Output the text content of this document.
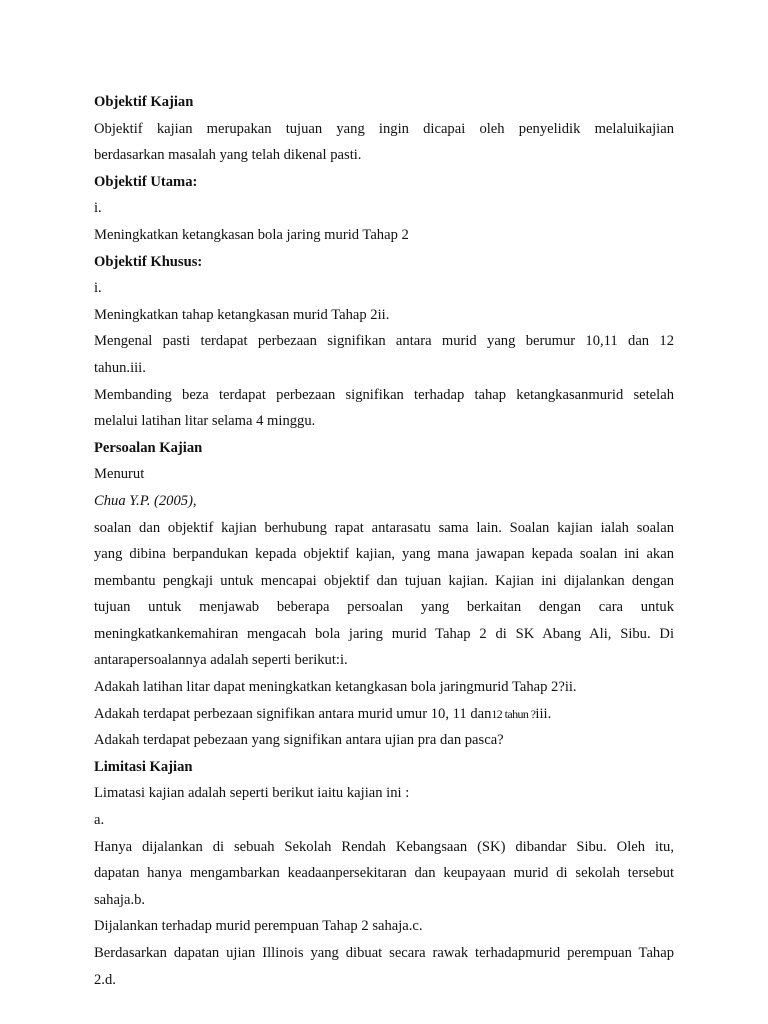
Objektif Kajian
Objektif kajian merupakan tujuan yang ingin dicapai oleh penyelidik melaluikajian
berdasarkan masalah yang telah dikenal pasti.
Objektif Utama:
i.
Meningkatkan ketangkasan bola jaring murid Tahap 2
Objektif Khusus:
i.
Meningkatkan tahap ketangkasan murid Tahap 2ii.
Mengenal pasti terdapat perbezaan signifikan antara murid yang berumur 10,11 dan 12
tahun.iii.
Membanding beza terdapat perbezaan signifikan terhadap tahap ketangkasanmurid setelah
melalui latihan litar selama 4 minggu.
Persoalan Kajian
Menurut
Chua Y.P. (2005),
soalan dan objektif kajian berhubung rapat antarasatu sama lain. Soalan kajian ialah soalan
yang dibina berpandukan kepada objektif kajian, yang mana jawapan kepada soalan ini akan
membantu pengkaji untuk mencapai objektif dan tujuan kajian. Kajian ini dijalankan dengan
tujuan untuk menjawab beberapa persoalan yang berkaitan dengan cara untuk
meningkatkankemahiran mengacah bola jaring murid Tahap 2 di SK Abang Ali, Sibu. Di
antarapersoalannya adalah seperti berikut:i.
Adakah latihan litar dapat meningkatkan ketangkasan bola jaringmurid Tahap 2?ii.
Adakah terdapat perbezaan signifikan antara murid umur 10, 11 dan12 tahun ?iii.
Adakah terdapat pebezaan yang signifikan antara ujian pra dan pasca?
Limitasi Kajian
Limatasi kajian adalah seperti berikut iaitu kajian ini :
a.
Hanya dijalankan di sebuah Sekolah Rendah Kebangsaan (SK) dibandar Sibu. Oleh itu,
dapatan hanya mengambarkan keadaanpersekitaran dan keupayaan murid di sekolah tersebut
sahaja.b.
Dijalankan terhadap murid perempuan Tahap 2 sahaja.c.
Berdasarkan dapatan ujian Illinois yang dibuat secara rawak terhadapmurid perempuan Tahap
2.d.
